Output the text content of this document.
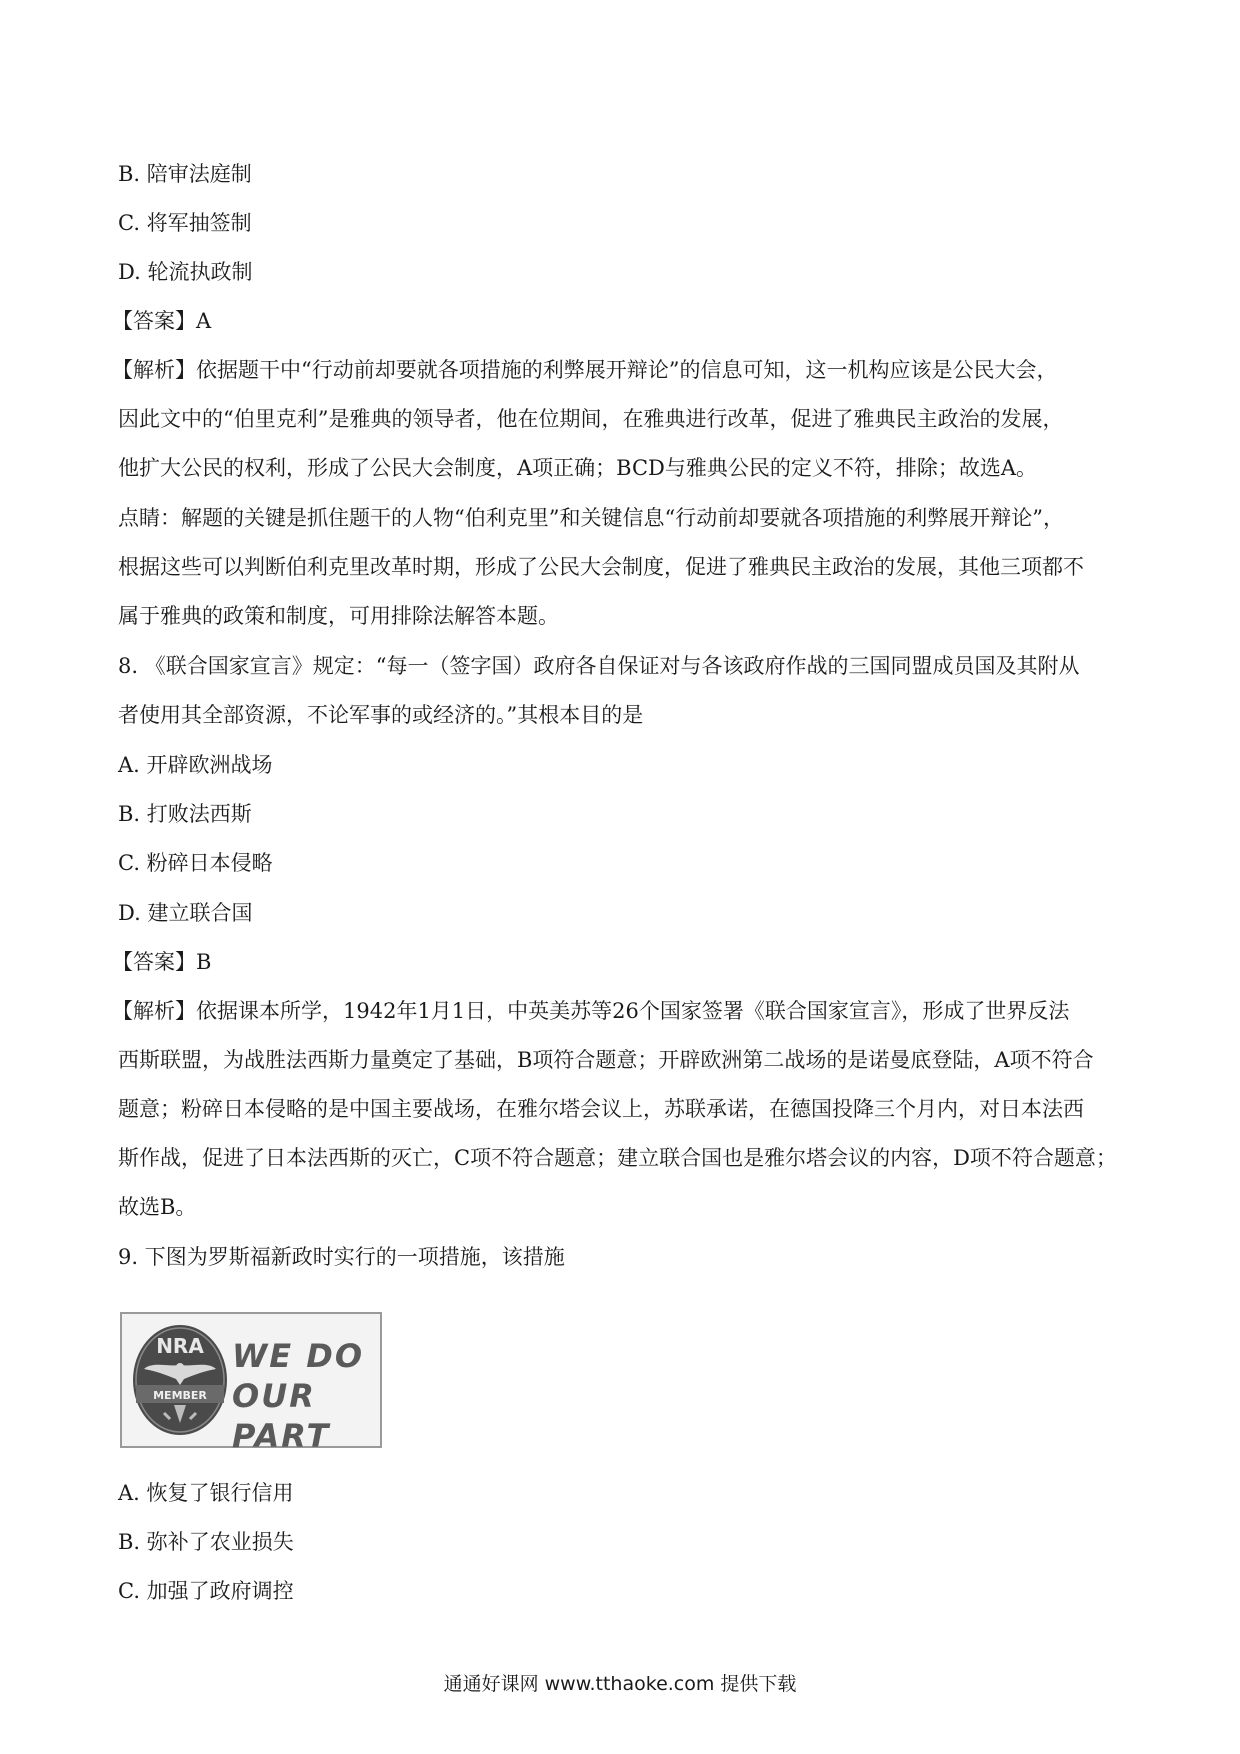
B. 陪审法庭制
C. 将军抽签制
D. 轮流执政制
【答案】A
【解析】依据题干中“行动前却要就各项措施的利弊展开辩论”的信息可知，这一机构应该是公民大会，
因此文中的“伯里克利”是雅典的领导者，他在位期间，在雅典进行改革，促进了雅典民主政治的发展，
他扩大公民的权利，形成了公民大会制度，A项正确；BCD与雅典公民的定义不符，排除；故选A。
点睛：解题的关键是抓住题干的人物“伯利克里”和关键信息“行动前却要就各项措施的利弊展开辩论”，
根据这些可以判断伯利克里改革时期，形成了公民大会制度，促进了雅典民主政治的发展，其他三项都不
属于雅典的政策和制度，可用排除法解答本题。
8. 《联合国家宣言》规定：“每一（签字国）政府各自保证对与各该政府作战的三国同盟成员国及其附从
者使用其全部资源，不论军事的或经济的。”其根本目的是
A. 开辟欧洲战场
B. 打败法西斯
C. 粉碎日本侵略
D. 建立联合国
【答案】B
【解析】依据课本所学，1942年1月1日，中英美苏等26个国家签署《联合国家宣言》，形成了世界反法
西斯联盟，为战胜法西斯力量奠定了基础，B项符合题意；开辟欧洲第二战场的是诺曼底登陆，A项不符合
题意；粉碎日本侵略的是中国主要战场，在雅尔塔会议上，苏联承诺，在德国投降三个月内，对日本法西
斯作战，促进了日本法西斯的灭亡，C项不符合题意；建立联合国也是雅尔塔会议的内容，D项不符合题意；
故选B。
9. 下图为罗斯福新政时实行的一项措施，该措施
NRA
MEMBER
WE DO
OUR PART
A. 恢复了银行信用
B. 弥补了农业损失
C. 加强了政府调控
通通好课网 www.tthaoke.com 提供下载
